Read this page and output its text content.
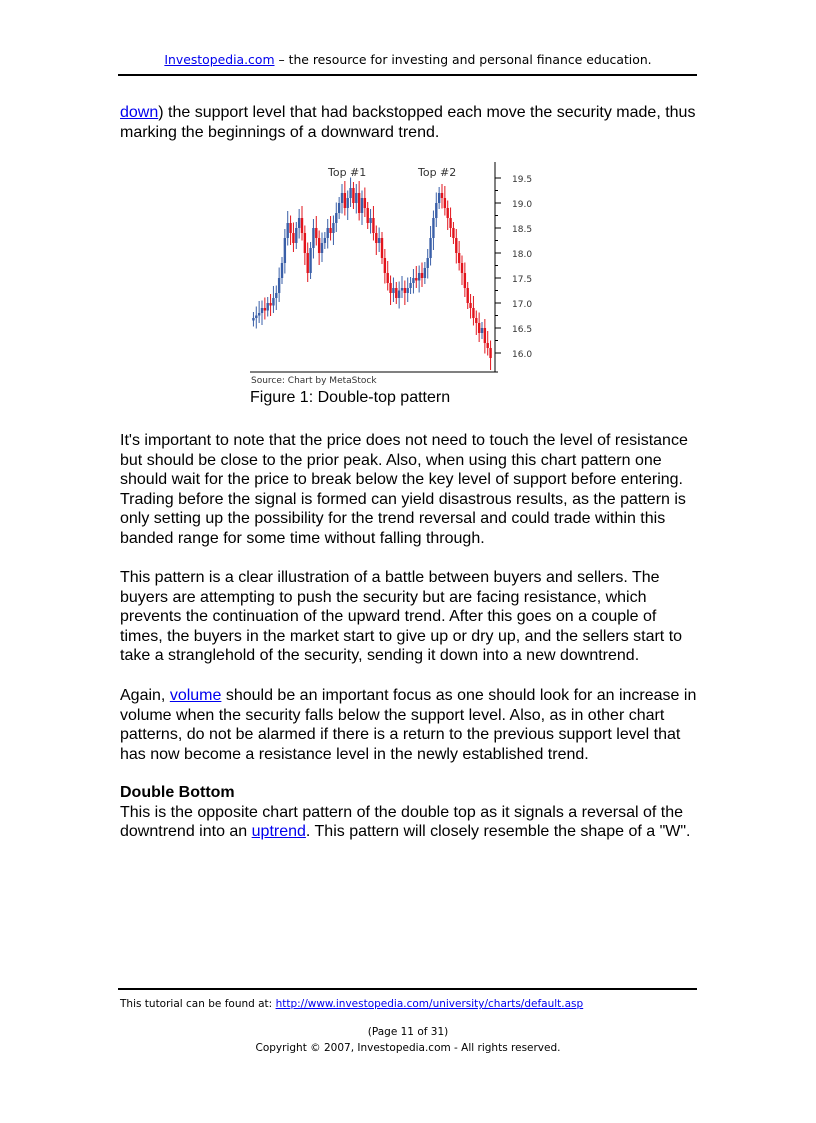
Investopedia.com – the resource for investing and personal finance education.
down) the support level that had backstopped each move the security made, thus marking the beginnings of a downward trend.
19.5
19.0
18.5
18.0
17.5
17.0
16.5
16.0
Top #1	Top #2
Source: Chart by MetaStock
Figure 1: Double-top pattern
It's important to note that the price does not need to touch the level of resistance but should be close to the prior peak. Also, when using this chart pattern one should wait for the price to break below the key level of support before entering. Trading before the signal is formed can yield disastrous results, as the pattern is only setting up the possibility for the trend reversal and could trade within this banded range for some time without falling through.
This pattern is a clear illustration of a battle between buyers and sellers. The buyers are attempting to push the security but are facing resistance, which prevents the continuation of the upward trend. After this goes on a couple of times, the buyers in the market start to give up or dry up, and the sellers start to take a stranglehold of the security, sending it down into a new downtrend.
Again, volume should be an important focus as one should look for an increase in volume when the security falls below the support level. Also, as in other chart patterns, do not be alarmed if there is a return to the previous support level that has now become a resistance level in the newly established trend.
Double Bottom
This is the opposite chart pattern of the double top as it signals a reversal of the downtrend into an uptrend. This pattern will closely resemble the shape of a "W".
This tutorial can be found at: http://www.investopedia.com/university/charts/default.asp
(Page 11 of 31)
Copyright © 2007, Investopedia.com - All rights reserved.
